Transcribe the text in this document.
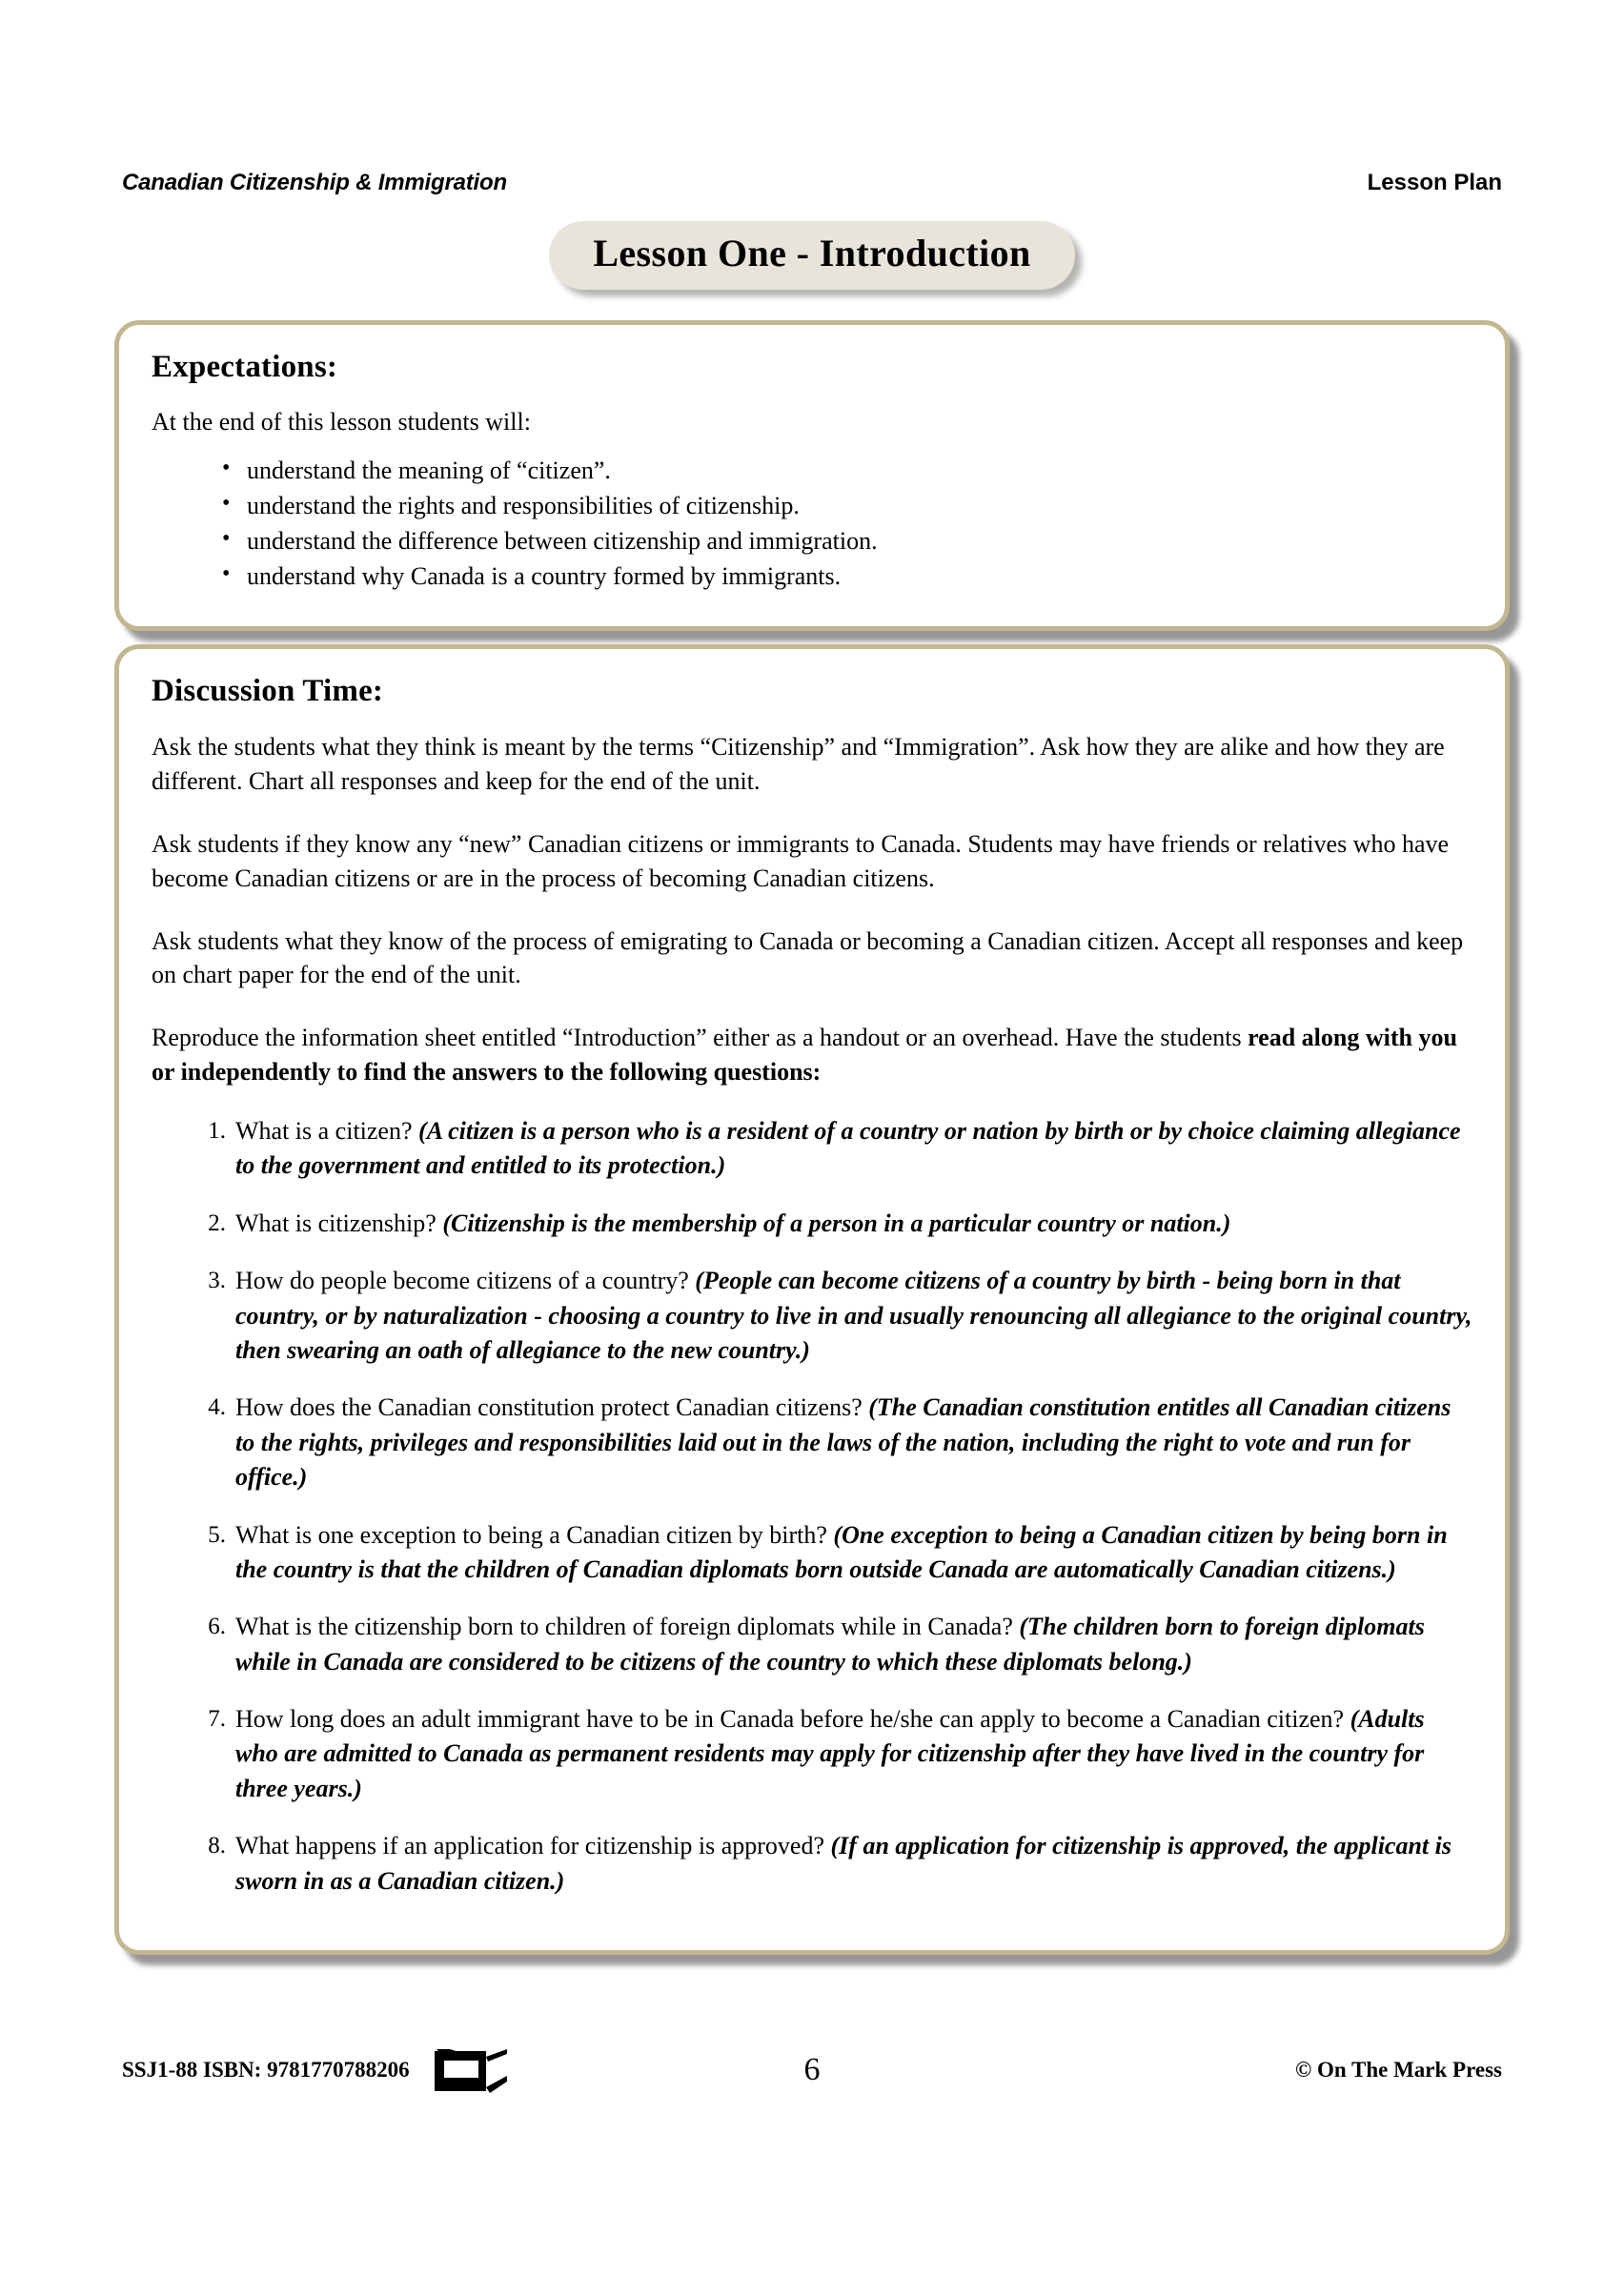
Canadian Citizenship & Immigration	Lesson Plan
Lesson One - Introduction
Expectations:

At the end of this lesson students will:

• understand the meaning of “citizen”.
• understand the rights and responsibilities of citizenship.
• understand the difference between citizenship and immigration.
• understand why Canada is a country formed by immigrants.
Discussion Time:

Ask the students what they think is meant by the terms “Citizenship” and “Immigration”. Ask how they are alike and how they are different. Chart all responses and keep for the end of the unit.

Ask students if they know any “new” Canadian citizens or immigrants to Canada. Students may have friends or relatives who have become Canadian citizens or are in the process of becoming Canadian citizens.

Ask students what they know of the process of emigrating to Canada or becoming a Canadian citizen. Accept all responses and keep on chart paper for the end of the unit.

Reproduce the information sheet entitled “Introduction” either as a handout or an overhead. Have the students read along with you or independently to find the answers to the following questions:

What is a citizen? (A citizen is a person who is a resident of a country or nation by birth or by choice claiming allegiance to the government and entitled to its protection.)
What is citizenship? (Citizenship is the membership of a person in a particular country or nation.)
How do people become citizens of a country? (People can become citizens of a country by birth - being born in that country, or by naturalization - choosing a country to live in and usually renouncing all allegiance to the original country, then swearing an oath of allegiance to the new country.)
How does the Canadian constitution protect Canadian citizens? (The Canadian constitution entitles all Canadian citizens to the rights, privileges and responsibilities laid out in the laws of the nation, including the right to vote and run for office.)
What is one exception to being a Canadian citizen by birth? (One exception to being a Canadian citizen by being born in the country is that the children of Canadian diplomats born outside Canada are automatically Canadian citizens.)
What is the citizenship born to children of foreign diplomats while in Canada? (The children born to foreign diplomats while in Canada are considered to be citizens of the country to which these diplomats belong.)
How long does an adult immigrant have to be in Canada before he/she can apply to become a Canadian citizen? (Adults who are admitted to Canada as permanent residents may apply for citizenship after they have lived in the country for three years.)
What happens if an application for citizenship is approved? (If an application for citizenship is approved, the applicant is sworn in as a Canadian citizen.)
SSJ1-88 ISBN: 9781770788206	6	© On The Mark Press
